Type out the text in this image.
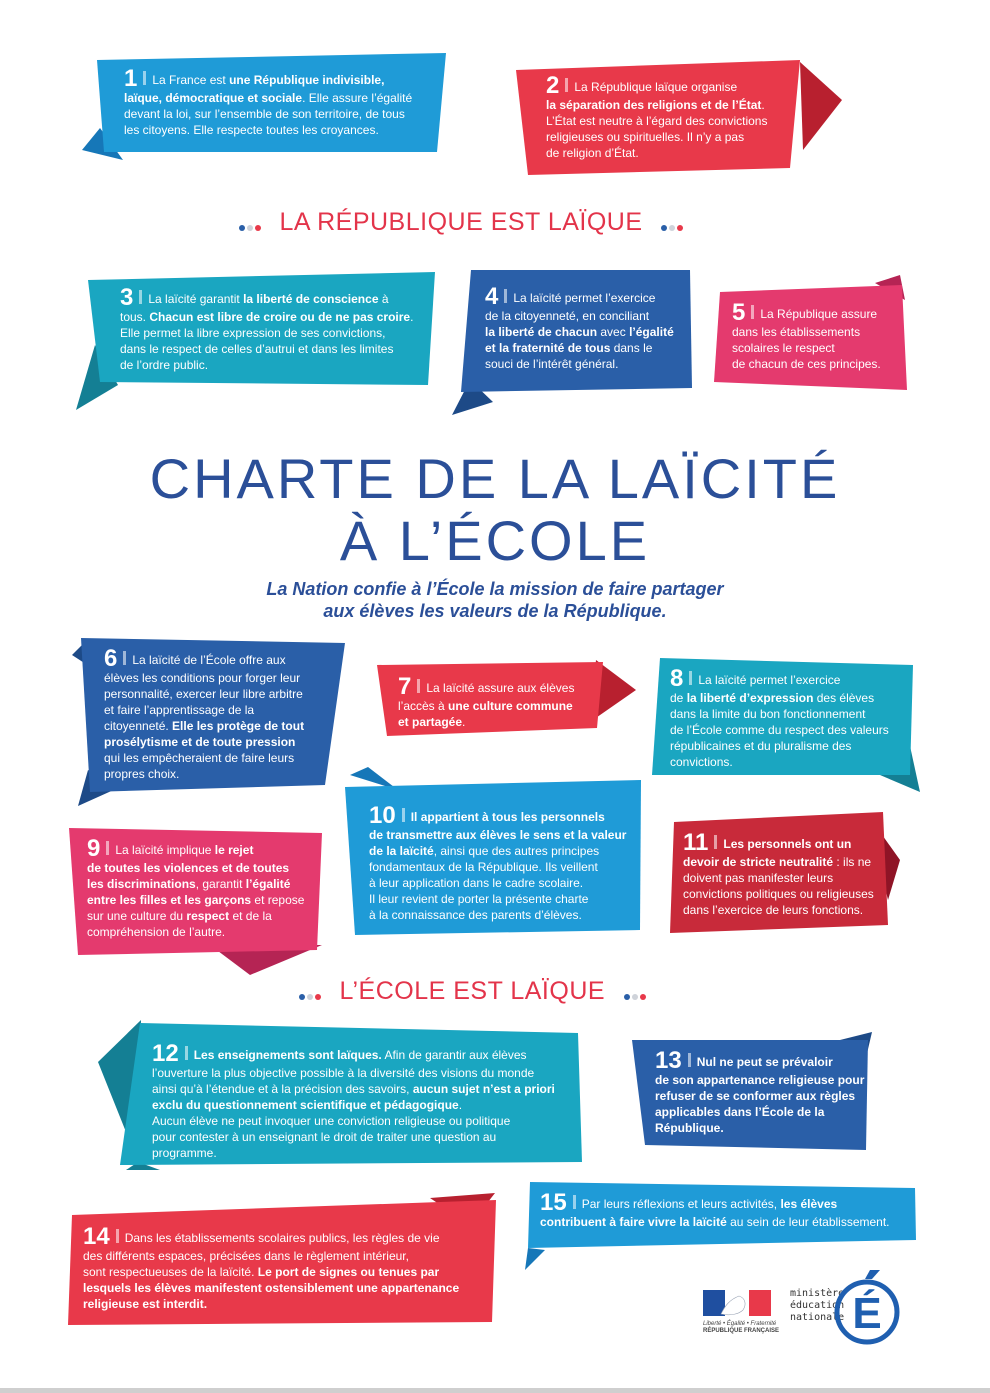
1 La France est une République indivisible,
laïque, démocratique et sociale. Elle assure l’égalité
devant la loi, sur l’ensemble de son territoire, de tous
les citoyens. Elle respecte toutes les croyances.
2 La République laïque organise
la séparation des religions et de l’État.
L’État est neutre à l’égard des convictions
religieuses ou spirituelles. Il n’y a pas
de religion d’État.
LA RÉPUBLIQUE EST LAÏQUE
3 La laïcité garantit la liberté de conscience à
tous. Chacun est libre de croire ou de ne pas croire.
Elle permet la libre expression de ses convictions,
dans le respect de celles d’autrui et dans les limites
de l’ordre public.
4 La laïcité permet l’exercice
de la citoyenneté, en conciliant
la liberté de chacun avec l’égalité
et la fraternité de tous dans le
souci de l’intérêt général.
5 La République assure
dans les établissements
scolaires le respect
de chacun de ces principes.
CHARTE DE LA LAÏCITÉ
À L’ÉCOLE
La Nation confie à l’École la mission de faire partager
aux élèves les valeurs de la République.
6 La laïcité de l’École offre aux
élèves les conditions pour forger leur
personnalité, exercer leur libre arbitre
et faire l’apprentissage de la
citoyenneté. Elle les protège de tout
prosélytisme et de toute pression
qui les empêcheraient de faire leurs
propres choix.
7 La laïcité assure aux élèves
l’accès à une culture commune
et partagée.
8 La laïcité permet l’exercice
de la liberté d’expression des élèves
dans la limite du bon fonctionnement
de l’École comme du respect des valeurs
républicaines et du pluralisme des
convictions.
9 La laïcité implique le rejet
de toutes les violences et de toutes
les discriminations, garantit l’égalité
entre les filles et les garçons et repose
sur une culture du respect et de la
compréhension de l’autre.
10 Il appartient à tous les personnels
de transmettre aux élèves le sens et la valeur
de la laïcité, ainsi que des autres principes
fondamentaux de la République. Ils veillent
à leur application dans le cadre scolaire.
Il leur revient de porter la présente charte
à la connaissance des parents d’élèves.
11 Les personnels ont un
devoir de stricte neutralité : ils ne
doivent pas manifester leurs
convictions politiques ou religieuses
dans l’exercice de leurs fonctions.
L’ÉCOLE EST LAÏQUE
12 Les enseignements sont laïques. Afin de garantir aux élèves
l’ouverture la plus objective possible à la diversité des visions du monde
ainsi qu’à l’étendue et à la précision des savoirs, aucun sujet n’est a priori
exclu du questionnement scientifique et pédagogique.
Aucun élève ne peut invoquer une conviction religieuse ou politique
pour contester à un enseignant le droit de traiter une question au
programme.
13 Nul ne peut se prévaloir
de son appartenance religieuse pour
refuser de se conformer aux règles
applicables dans l’École de la
République.
14 Dans les établissements scolaires publics, les règles de vie
des différents espaces, précisées dans le règlement intérieur,
sont respectueuses de la laïcité. Le port de signes ou tenues par
lesquels les élèves manifestent ostensiblement une appartenance
religieuse est interdit.
15 Par leurs réflexions et leurs activités, les élèves
contribuent à faire vivre la laïcité au sein de leur établissement.
Liberté • Égalité • Fraternité
RÉPUBLIQUE FRANÇAISE
ministère
éducation
nationale É
